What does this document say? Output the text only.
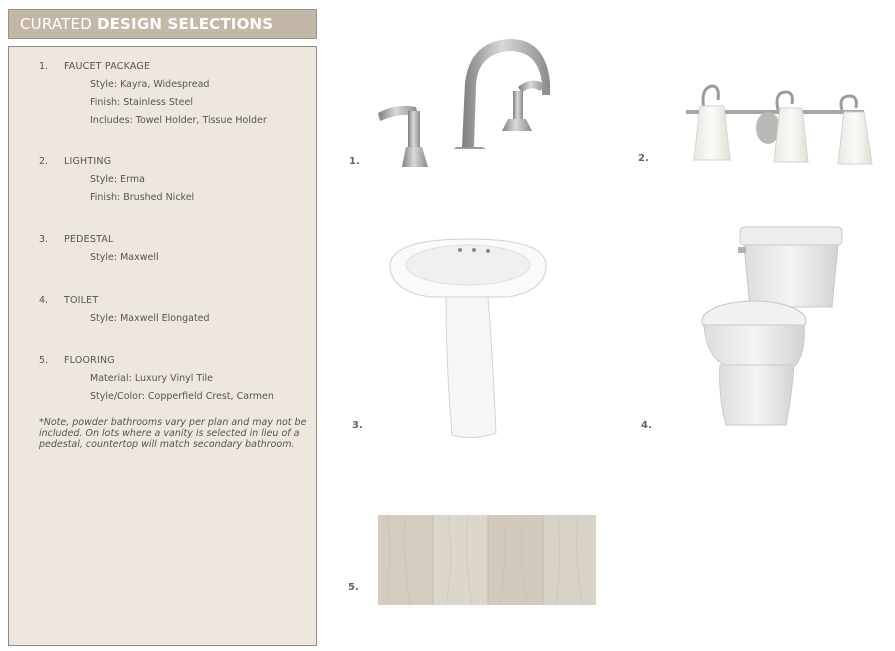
CURATED DESIGN SELECTIONS
1. FAUCET PACKAGE
Style: Kayra, Widespread
Finish: Stainless Steel
Includes: Towel Holder, Tissue Holder
2. LIGHTING
Style: Erma
Finish: Brushed Nickel
3. PEDESTAL
Style: Maxwell
4. TOILET
Style: Maxwell Elongated
5. FLOORING
Material: Luxury Vinyl Tile
Style/Color: Copperfield Crest, Carmen
*Note, powder bathrooms vary per plan and may not be included. On lots where a vanity is selected in lieu of a pedestal, countertop will match secondary bathroom.
1.	2.
3.	4.
5.
